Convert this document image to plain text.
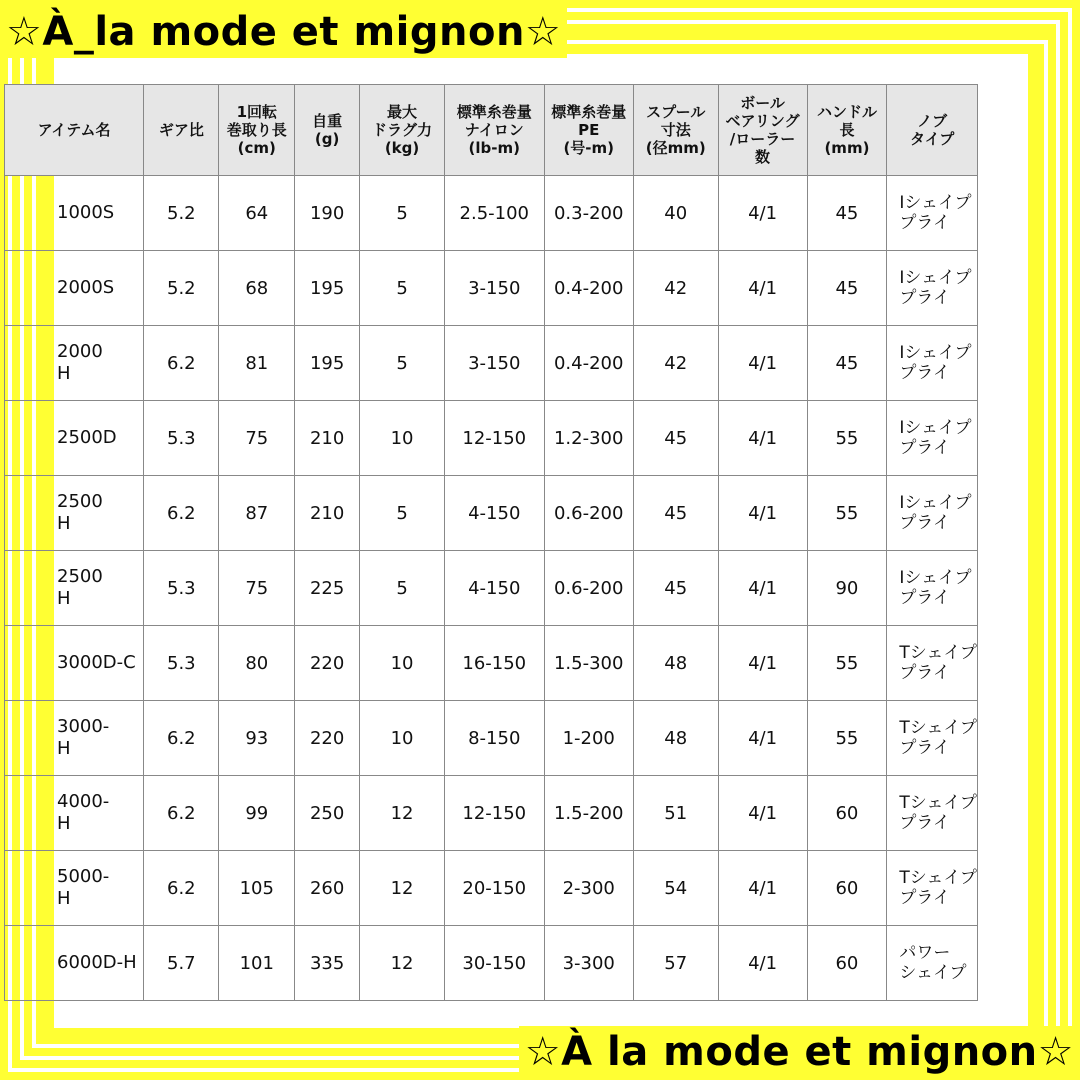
アイテム名	ギア比	1回転
巻取り長
(cm)	自重
(g)	最大
ドラグ力
(kg)	標準糸巻量
ナイロン
(lb-m)	標準糸巻量
PE
(号-m)	スプール
寸法
(径mm)	ボール
ベアリング
/ローラー
数	ハンドル
長
(mm)	ノブ
タイプ

1000S	5.2	64	190	5	2.5-100	0.3-200	40	4/1	45	Iシェイプ
プライ

2000S	5.2	68	195	5	3-150	0.4-200	42	4/1	45	Iシェイプ
プライ

2000
H	6.2	81	195	5	3-150	0.4-200	42	4/1	45	Iシェイプ
プライ

2500D	5.3	75	210	10	12-150	1.2-300	45	4/1	55	Iシェイプ
プライ

2500
H	6.2	87	210	5	4-150	0.6-200	45	4/1	55	Iシェイプ
プライ

2500
H	5.3	75	225	5	4-150	0.6-200	45	4/1	90	Iシェイプ
プライ

3000D-C	5.3	80	220	10	16-150	1.5-300	48	4/1	55	Tシェイプ
プライ

3000-
H	6.2	93	220	10	8-150	1-200	48	4/1	55	Tシェイプ
プライ

4000-
H	6.2	99	250	12	12-150	1.5-200	51	4/1	60	Tシェイプ
プライ

5000-
H	6.2	105	260	12	20-150	2-300	54	4/1	60	Tシェイプ
プライ

6000D-H	5.7	101	335	12	30-150	3-300	57	4/1	60	パワー
シェイプ
☆À_la mode et mignon☆
☆À la mode et mignon☆
